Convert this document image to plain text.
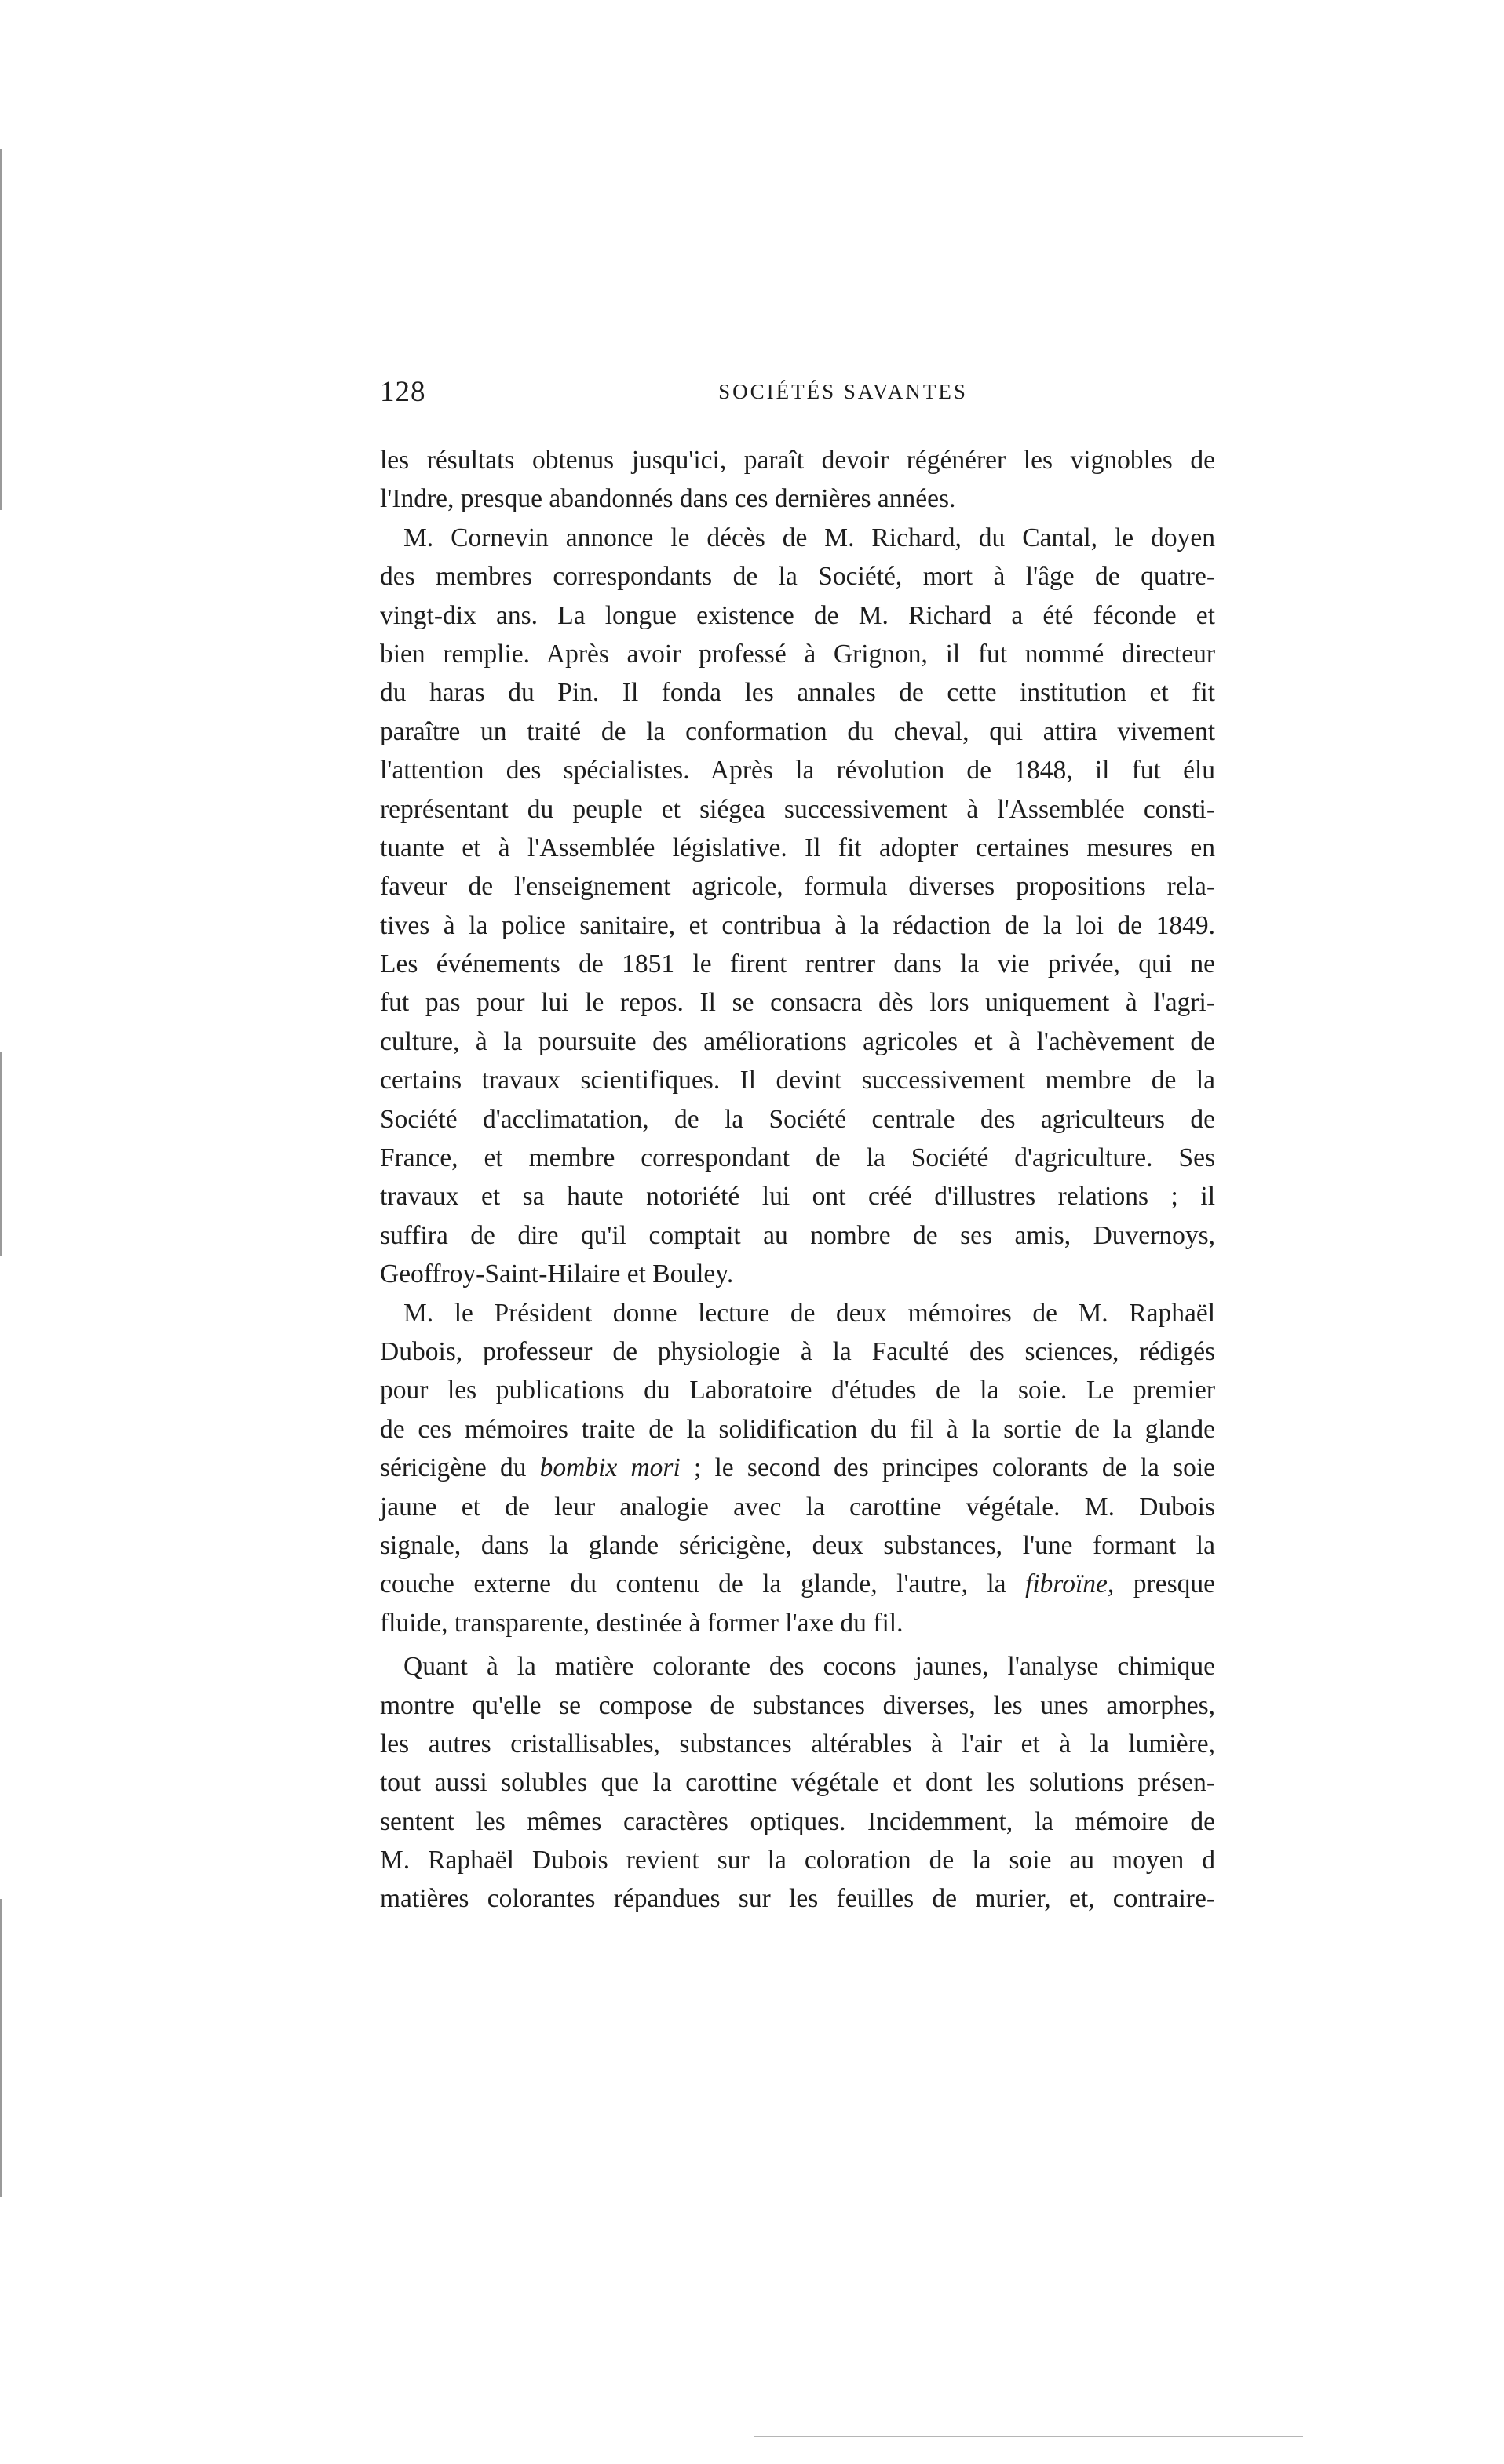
128	SOCIÉTÉS SAVANTES
les résultats obtenus jusqu'ici, paraît devoir régénérer les vignobles de
l'Indre, presque abandonnés dans ces dernières années.
M. Cornevin annonce le décès de M. Richard, du Cantal, le doyen
des membres correspondants de la Société, mort à l'âge de quatre-
vingt-dix ans. La longue existence de M. Richard a été féconde et
bien remplie. Après avoir professé à Grignon, il fut nommé directeur
du haras du Pin. Il fonda les annales de cette institution et fit
paraître un traité de la conformation du cheval, qui attira vivement
l'attention des spécialistes. Après la révolution de 1848, il fut élu
représentant du peuple et siégea successivement à l'Assemblée consti-
tuante et à l'Assemblée législative. Il fit adopter certaines mesures en
faveur de l'enseignement agricole, formula diverses propositions rela-
tives à la police sanitaire, et contribua à la rédaction de la loi de 1849.
Les événements de 1851 le firent rentrer dans la vie privée, qui ne
fut pas pour lui le repos. Il se consacra dès lors uniquement à l'agri-
culture, à la poursuite des améliorations agricoles et à l'achèvement de
certains travaux scientifiques. Il devint successivement membre de la
Société d'acclimatation, de la Société centrale des agriculteurs de
France, et membre correspondant de la Société d'agriculture. Ses
travaux et sa haute notoriété lui ont créé d'illustres relations ; il
suffira de dire qu'il comptait au nombre de ses amis, Duvernoys,
Geoffroy-Saint-Hilaire et Bouley.
M. le Président donne lecture de deux mémoires de M. Raphaël
Dubois, professeur de physiologie à la Faculté des sciences, rédigés
pour les publications du Laboratoire d'études de la soie. Le premier
de ces mémoires traite de la solidification du fil à la sortie de la glande
séricigène du bombix mori ; le second des principes colorants de la soie
jaune et de leur analogie avec la carottine végétale. M. Dubois
signale, dans la glande séricigène, deux substances, l'une formant la
couche externe du contenu de la glande, l'autre, la fibroïne, presque
fluide, transparente, destinée à former l'axe du fil.
Quant à la matière colorante des cocons jaunes, l'analyse chimique
montre qu'elle se compose de substances diverses, les unes amorphes,
les autres cristallisables, substances altérables à l'air et à la lumière,
tout aussi solubles que la carottine végétale et dont les solutions présen-
sentent les mêmes caractères optiques. Incidemment, la mémoire de
M. Raphaël Dubois revient sur la coloration de la soie au moyen d
matières colorantes répandues sur les feuilles de murier, et, contraire-
